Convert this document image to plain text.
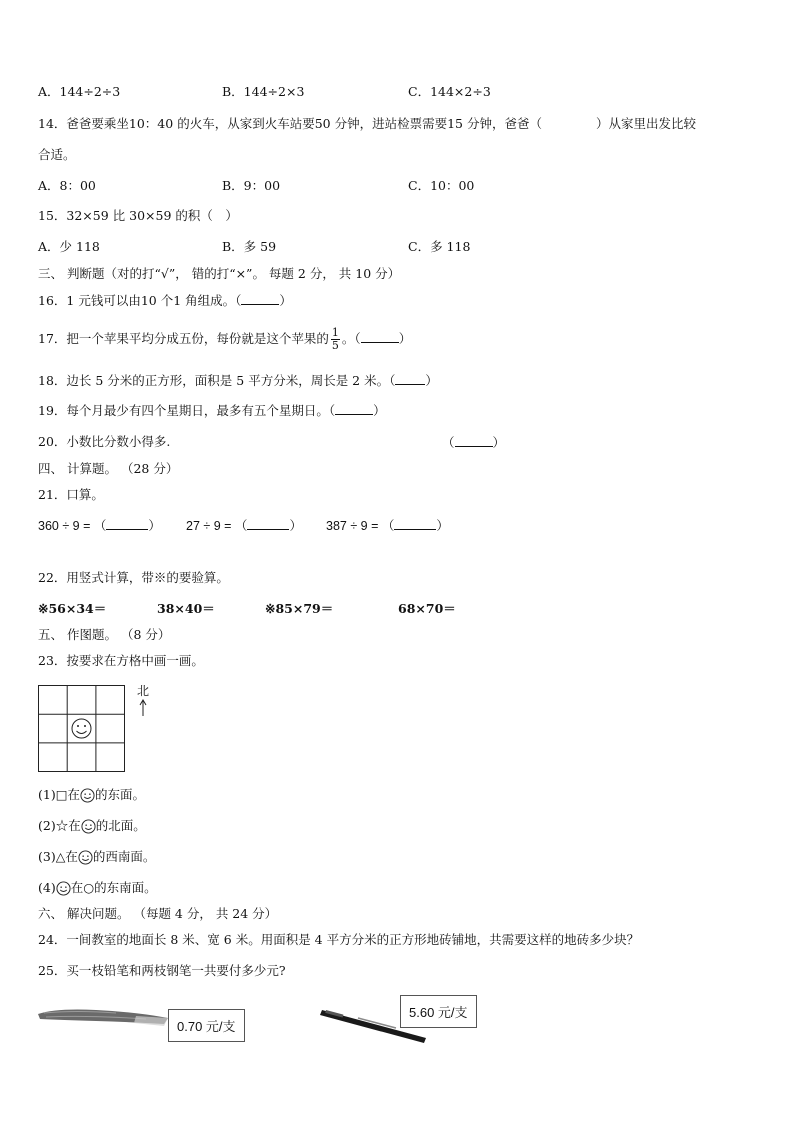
A．144÷2÷3	B．144÷2×3	C．144×2÷3
14．爸爸要乘坐10：40 的火车，从家到火车站要50 分钟，进站检票需要15 分钟，爸爸（	）从家里出发比较
合适。
A．8：00	B．9：00	C．10：00
15．32×59 比 30×59 的积（　）
A．少 118	B．多 59	C．多 118
三、 判断题（对的打“√”， 错的打“×”。 每题 2 分， 共 10 分）
16．1 元钱可以由10 个1 角组成。（	）
17．把一个苹果平均分成五份，每份就是这个苹果的 $\frac{1}{5}$ 。（	）
18．边长 5 分米的正方形，面积是 5 平方分米，周长是 2 米。（ ）
19．每个月最少有四个星期日，最多有五个星期日。（	）
20．小数比分数小得多.	（	）
四、 计算题。 （28 分）
21．口算。
360 ÷ 9 = （	） 27 ÷ 9 = （	） 387 ÷ 9 = （	）
22．用竖式计算，带※的要验算。
※56×34＝	38×40＝	※85×79＝	68×70＝
五、 作图题。 （8 分）
23．按要求在方格中画一画。
北
(1)□在 的东面。
(2)☆在 的北面。
(3)△在 的西南面。
(4) 在○的东南面。
六、 解决问题。 （每题 4 分， 共 24 分）
24．一间教室的地面长 8 米、宽 6 米。用面积是 4 平方分米的正方形地砖铺地，共需要这样的地砖多少块？
25．买一枝铅笔和两枝钢笔一共要付多少元?
0.70 元/支
5.60 元/支
